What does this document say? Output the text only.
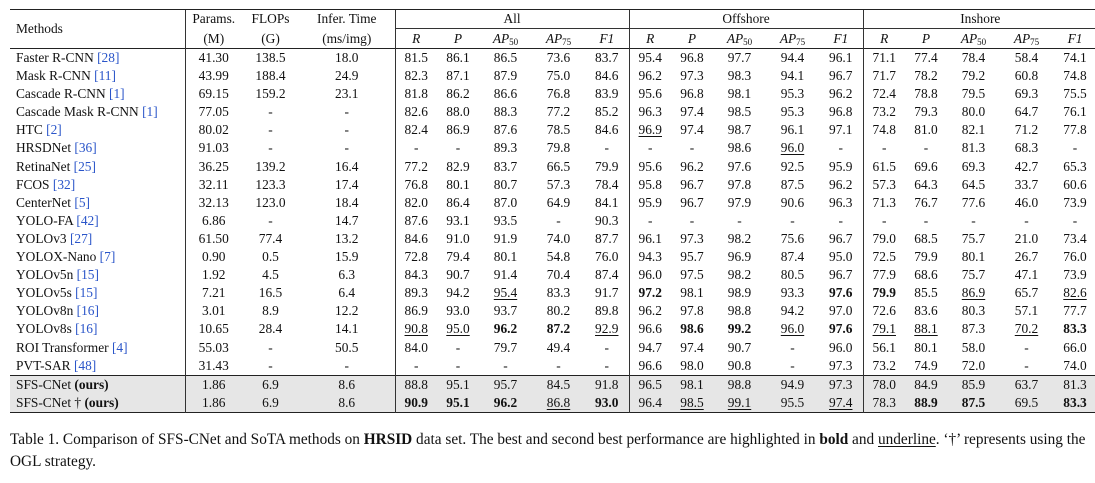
Methods	Params.	FLOPs	Infer. Time	All					Offshore					Inshore				
	(M)	(G)	(ms/img)	R	P	$AP_{50}$	$AP_{75}$	F1	R	P	$AP_{50}$	$AP_{75}$	F1	R	P	$AP_{50}$	$AP_{75}$	F1
Faster R-CNN [28]	41.30	138.5	18.0	81.5	86.1	86.5	73.6	83.7	95.4	96.8	97.7	94.4	96.1	71.1	77.4	78.4	58.4	74.1
Mask R-CNN [11]	43.99	188.4	24.9	82.3	87.1	87.9	75.0	84.6	96.2	97.3	98.3	94.1	96.7	71.7	78.2	79.2	60.8	74.8
Cascade R-CNN [1]	69.15	159.2	23.1	81.8	86.2	86.6	76.8	83.9	95.6	96.8	98.1	95.3	96.2	72.4	78.8	79.5	69.3	75.5
Cascade Mask R-CNN [1]	77.05	-	-	82.6	88.0	88.3	77.2	85.2	96.3	97.4	98.5	95.3	96.8	73.2	79.3	80.0	64.7	76.1
HTC [2]	80.02	-	-	82.4	86.9	87.6	78.5	84.6	96.9	97.4	98.7	96.1	97.1	74.8	81.0	82.1	71.2	77.8
HRSDNet [36]	91.03	-	-	-	-	89.3	79.8	-	-	-	98.6	96.0	-	-	-	81.3	68.3	-
RetinaNet [25]	36.25	139.2	16.4	77.2	82.9	83.7	66.5	79.9	95.6	96.2	97.6	92.5	95.9	61.5	69.6	69.3	42.7	65.3
FCOS [32]	32.11	123.3	17.4	76.8	80.1	80.7	57.3	78.4	95.8	96.7	97.8	87.5	96.2	57.3	64.3	64.5	33.7	60.6
CenterNet [5]	32.13	123.0	18.4	82.0	86.4	87.0	64.9	84.1	95.9	96.7	97.9	90.6	96.3	71.3	76.7	77.6	46.0	73.9
YOLO-FA [42]	6.86	-	14.7	87.6	93.1	93.5	-	90.3	-	-	-	-	-	-	-	-	-	-
YOLOv3 [27]	61.50	77.4	13.2	84.6	91.0	91.9	74.0	87.7	96.1	97.3	98.2	75.6	96.7	79.0	68.5	75.7	21.0	73.4
YOLOX-Nano [7]	0.90	0.5	15.9	72.8	79.4	80.1	54.8	76.0	94.3	95.7	96.9	87.4	95.0	72.5	79.9	80.1	26.7	76.0
YOLOv5n [15]	1.92	4.5	6.3	84.3	90.7	91.4	70.4	87.4	96.0	97.5	98.2	80.5	96.7	77.9	68.6	75.7	47.1	73.9
YOLOv5s [15]	7.21	16.5	6.4	89.3	94.2	95.4	83.3	91.7	97.2	98.1	98.9	93.3	97.6	79.9	85.5	86.9	65.7	82.6
YOLOv8n [16]	3.01	8.9	12.2	86.9	93.0	93.7	80.2	89.8	96.2	97.8	98.8	94.2	97.0	72.6	83.6	80.3	57.1	77.7
YOLOv8s [16]	10.65	28.4	14.1	90.8	95.0	96.2	87.2	92.9	96.6	98.6	99.2	96.0	97.6	79.1	88.1	87.3	70.2	83.3
ROI Transformer [4]	55.03	-	50.5	84.0	-	79.7	49.4	-	94.7	97.4	90.7	-	96.0	56.1	80.1	58.0	-	66.0
PVT-SAR [48]	31.43	-	-	-	-	-	-	-	96.6	98.0	90.8	-	97.3	73.2	74.9	72.0	-	74.0
SFS-CNet (ours)	1.86	6.9	8.6	88.8	95.1	95.7	84.5	91.8	96.5	98.1	98.8	94.9	97.3	78.0	84.9	85.9	63.7	81.3
SFS-CNet † (ours)	1.86	6.9	8.6	90.9	95.1	96.2	86.8	93.0	96.4	98.5	99.1	95.5	97.4	78.3	88.9	87.5	69.5	83.3
Table 1. Comparison of SFS-CNet and SoTA methods on HRSID data set. The best and second best performance are highlighted in bold and underline. ‘†’ represents using the OGL strategy.
